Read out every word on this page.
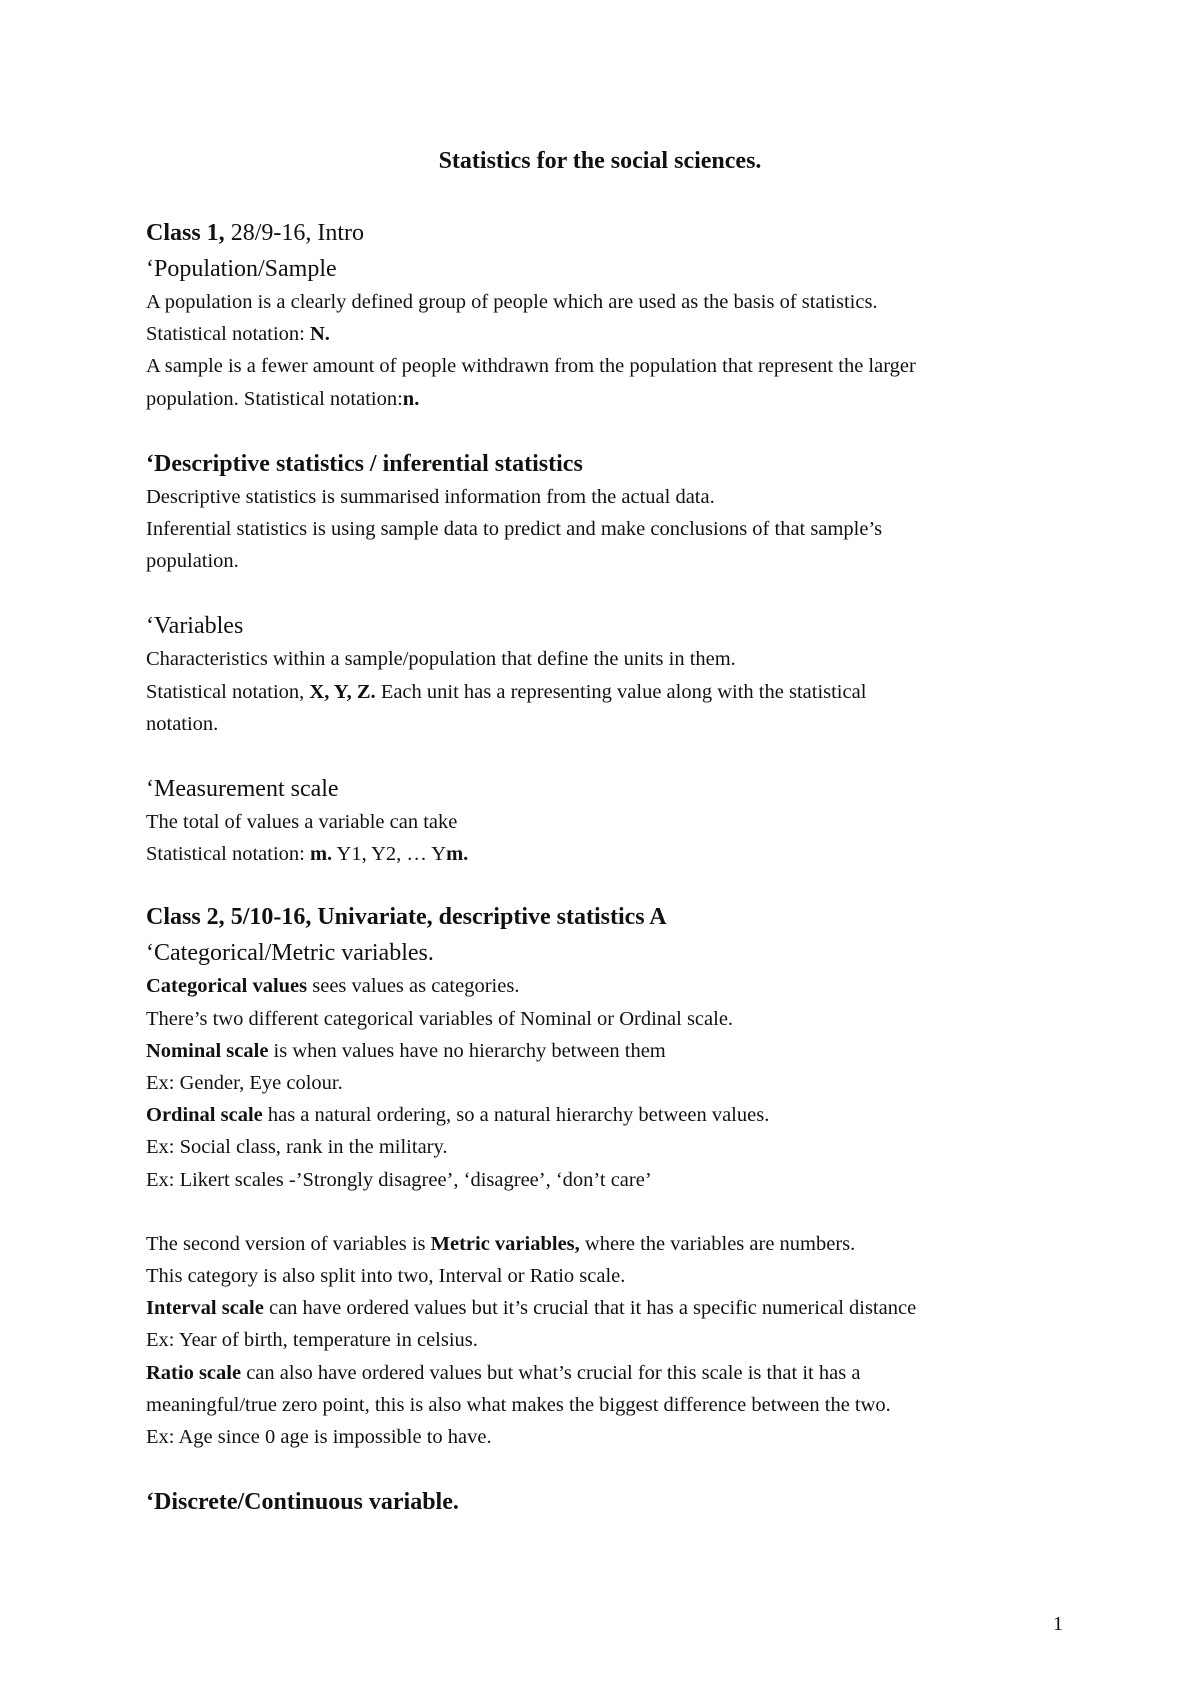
Statistics for the social sciences.
Class 1, 28/9-16, Intro
‘Population/Sample
A population is a clearly defined group of people which are used as the basis of statistics.
Statistical notation: N.
A sample is a fewer amount of people withdrawn from the population that represent the larger
population. Statistical notation:n.
‘Descriptive statistics / inferential statistics
Descriptive statistics is summarised information from the actual data.
Inferential statistics is using sample data to predict and make conclusions of that sample’s
population.
‘Variables
Characteristics within a sample/population that define the units in them.
Statistical notation, X, Y, Z. Each unit has a representing value along with the statistical
notation.
‘Measurement scale
The total of values a variable can take
Statistical notation: m. Y1, Y2, … Ym.
Class 2, 5/10-16, Univariate, descriptive statistics A
‘Categorical/Metric variables.
Categorical values sees values as categories.
There’s two different categorical variables of Nominal or Ordinal scale.
Nominal scale is when values have no hierarchy between them
Ex: Gender, Eye colour.
Ordinal scale has a natural ordering, so a natural hierarchy between values.
Ex: Social class, rank in the military.
Ex: Likert scales -’Strongly disagree’, ‘disagree’, ‘don’t care’
The second version of variables is Metric variables, where the variables are numbers.
This category is also split into two, Interval or Ratio scale.
Interval scale can have ordered values but it’s crucial that it has a specific numerical distance
Ex: Year of birth, temperature in celsius.
Ratio scale can also have ordered values but what’s crucial for this scale is that it has a
meaningful/true zero point, this is also what makes the biggest difference between the two.
Ex: Age since 0 age is impossible to have.
‘Discrete/Continuous variable.
1
